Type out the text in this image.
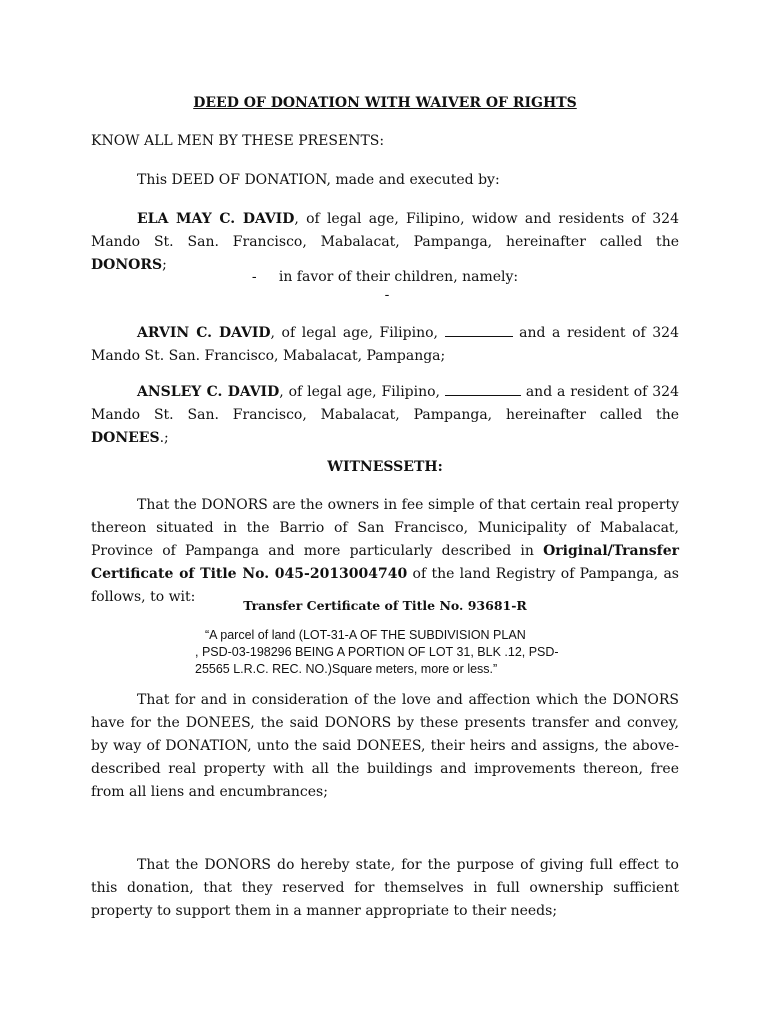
DEED OF DONATION WITH WAIVER OF RIGHTS

KNOW ALL MEN BY THESE PRESENTS:

This DEED OF DONATION, made and executed by:

ELA MAY C. DAVID, of legal age, Filipino, widow and residents of 324 Mando St. San. Francisco, Mabalacat, Pampanga, hereinafter called the DONORS;

- in favor of their children, namely:

-

ARVIN C. DAVID, of legal age, Filipino,	and a resident of 324 Mando St. San. Francisco, Mabalacat, Pampanga;

ANSLEY C. DAVID, of legal age, Filipino,	and a resident of 324 Mando St. San. Francisco, Mabalacat, Pampanga, hereinafter called the DONEES.;

WITNESSETH:

That the DONORS are the owners in fee simple of that certain real property thereon situated in the Barrio of San Francisco, Municipality of Mabalacat, Province of Pampanga and more particularly described in Original/Transfer Certificate of Title No. 045-2013004740 of the land Registry of Pampanga, as follows, to wit:

Transfer Certificate of Title No. 93681-R

“A parcel of land (LOT-31-A OF THE SUBDIVISION PLAN
, PSD-03-198296 BEING A PORTION OF LOT 31, BLK .12, PSD-
25565 L.R.C. REC. NO.)Square meters, more or less.”

That for and in consideration of the love and affection which the DONORS have for the DONEES, the said DONORS by these presents transfer and convey, by way of DONATION, unto the said DONEES, their heirs and assigns, the above-described real property with all the buildings and improvements thereon, free from all liens and encumbrances;

That the DONORS do hereby state, for the purpose of giving full effect to this donation, that they reserved for themselves in full ownership sufficient property to support them in a manner appropriate to their needs;
